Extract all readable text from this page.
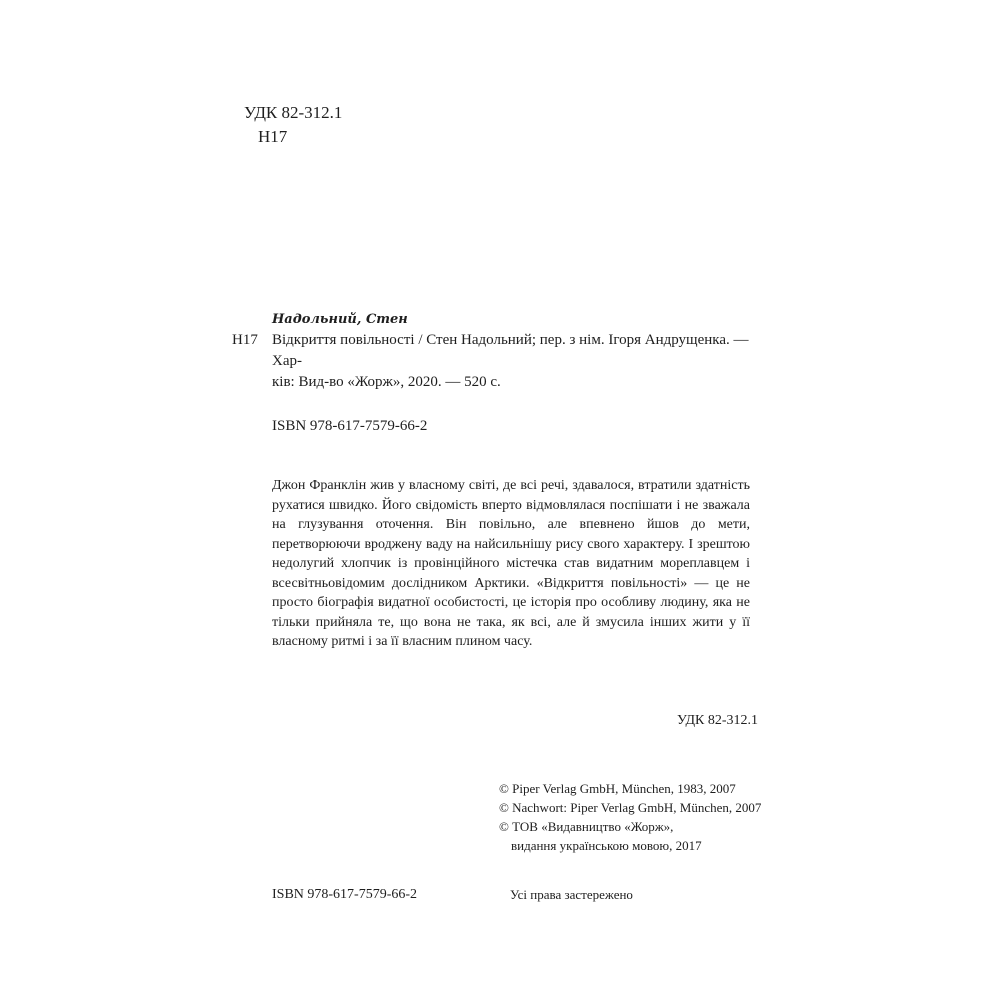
УДК 82-312.1
Н17
Н17
Надольний, Стен
Відкриття повільності / Стен Надольний; пер. з нім. Ігоря Андрущенка. — Хар-
ків: Вид-во «Жорж», 2020. — 520 с.
ISBN 978-617-7579-66-2
Джон Франклін жив у власному світі, де всі речі, здавалося, втратили здатність рухатися швидко. Його свідомість вперто відмовлялася поспішати і не зважала на глузування оточення. Він повільно, але впевнено йшов до мети, перетворюючи вроджену ваду на найсильнішу рису свого характеру. І зрештою недолугий хлопчик із провінційного містечка став видатним мореплавцем і всесвітньовідомим дослідником Арктики. «Відкриття повільності» — це не просто біографія видатної особистості, це історія про особливу людину, яка не тільки прийняла те, що вона не така, як всі, але й змусила інших жити у її власному ритмі і за її власним плином часу.
УДК 82-312.1
© Piper Verlag GmbH, München, 1983, 2007
© Nachwort: Piper Verlag GmbH, München, 2007
© ТОВ «Видавництво «Жорж»,
видання українською мовою, 2017
ISBN 978-617-7579-66-2	Усі права застережено
